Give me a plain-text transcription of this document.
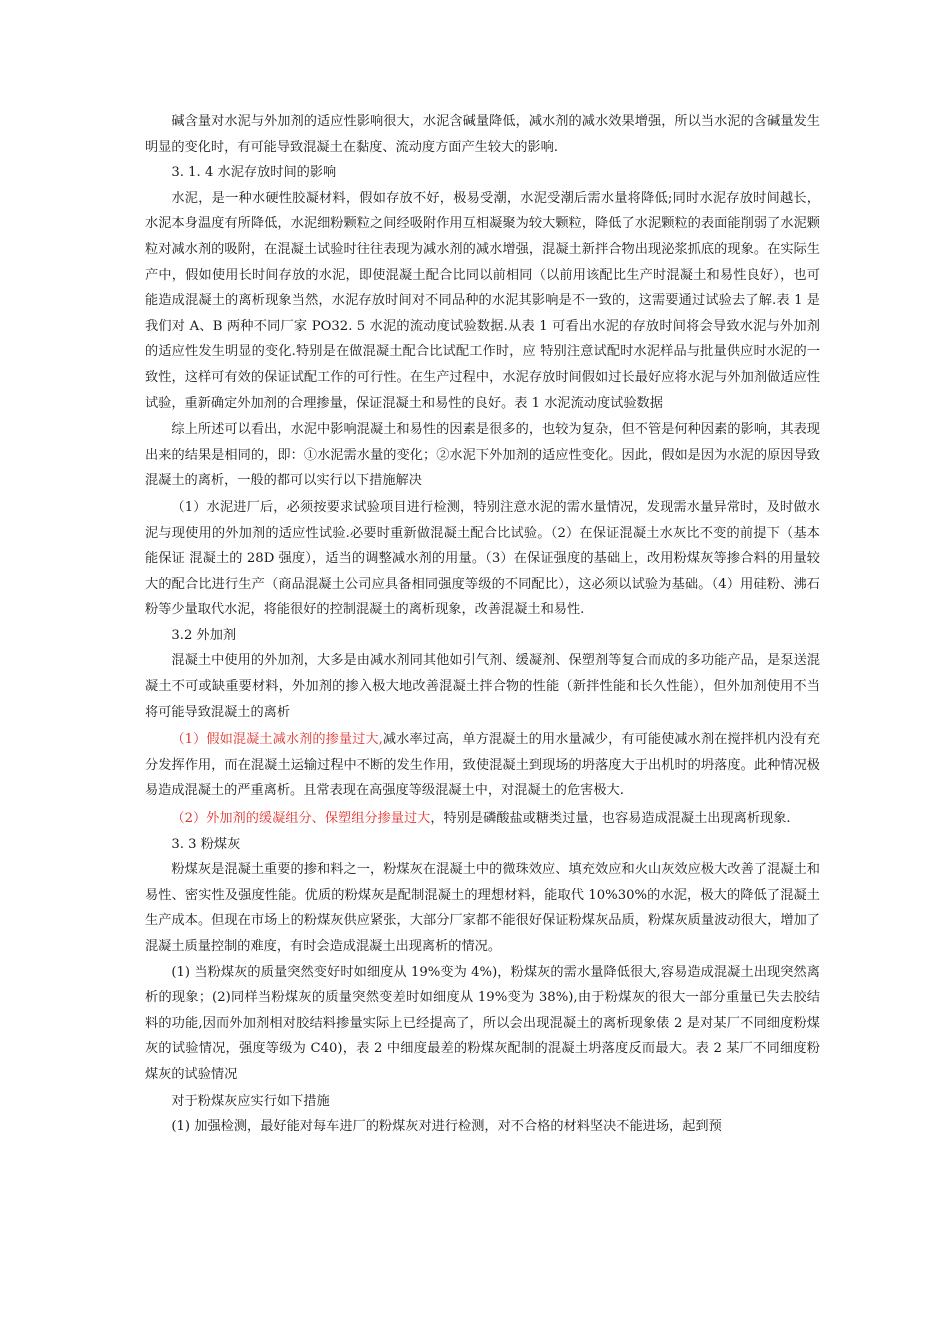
碱含量对水泥与外加剂的适应性影响很大，水泥含碱量降低，减水剂的减水效果增强，所以当水泥的含碱量发生明显的变化时，有可能导致混凝土在黏度、流动度方面产生较大的影响.

3. 1. 4 水泥存放时间的影响

水泥，是一种水硬性胶凝材料，假如存放不好，极易受潮，水泥受潮后需水量将降低;同时水泥存放时间越长，水泥本身温度有所降低，水泥细粉颗粒之间经吸附作用互相凝聚为较大颗粒，降低了水泥颗粒的表面能削弱了水泥颗粒对减水剂的吸附，在混凝土试验时往往表现为减水剂的减水增强，混凝土新拌合物出现泌浆抓底的现象。在实际生产中，假如使用长时间存放的水泥，即使混凝土配合比同以前相同（以前用该配比生产时混凝土和易性良好），也可能造成混凝土的离析现象当然，水泥存放时间对不同品种的水泥其影响是不一致的，这需要通过试验去了解.表 1 是我们对 A、B 两种不同厂家 PO32. 5 水泥的流动度试验数据.从表 1 可看出水泥的存放时间将会导致水泥与外加剂的适应性发生明显的变化.特别是在做混凝土配合比试配工作时，应 特别注意试配时水泥样品与批量供应时水泥的一致性，这样可有效的保证试配工作的可行性。在生产过程中，水泥存放时间假如过长最好应将水泥与外加剂做适应性试验，重新确定外加剂的合理掺量，保证混凝土和易性的良好。表 1 水泥流动度试验数据

综上所述可以看出，水泥中影响混凝土和易性的因素是很多的，也较为复杂，但不管是何种因素的影响，其表现出来的结果是相同的，即：①水泥需水量的变化；②水泥下外加剂的适应性变化。因此，假如是因为水泥的原因导致混凝土的离析，一般的都可以实行以下措施解决

（1）水泥进厂后，必须按要求试验项目进行检测，特别注意水泥的需水量情况，发现需水量异常时，及时做水泥与现使用的外加剂的适应性试验.必要时重新做混凝土配合比试验。（2）在保证混凝土水灰比不变的前提下（基本能保证 混凝土的 28D 强度），适当的调整减水剂的用量。（3）在保证强度的基础上，改用粉煤灰等掺合料的用量较大的配合比进行生产（商品混凝土公司应具备相同强度等级的不同配比），这必须以试验为基础。（4）用硅粉、沸石粉等少量取代水泥，将能很好的控制混凝土的离析现象，改善混凝土和易性.

3.2 外加剂

混凝土中使用的外加剂，大多是由减水剂同其他如引气剂、缓凝剂、保塑剂等复合而成的多功能产品，是泵送混凝土不可或缺重要材料，外加剂的掺入极大地改善混凝土拌合物的性能（新拌性能和长久性能），但外加剂使用不当将可能导致混凝土的离析

（1）假如混凝土减水剂的掺量过大,减水率过高，单方混凝土的用水量减少，有可能使减水剂在搅拌机内没有充分发挥作用，而在混凝土运输过程中不断的发生作用，致使混凝土到现场的坍落度大于出机时的坍落度。此种情况极易造成混凝土的严重离析。且常表现在高强度等级混凝土中，对混凝土的危害极大.

（2）外加剂的缓凝组分、保塑组分掺量过大，特别是磷酸盐或糖类过量，也容易造成混凝土出现离析现象.

3. 3 粉煤灰

粉煤灰是混凝土重要的掺和料之一，粉煤灰在混凝土中的微珠效应、填充效应和火山灰效应极大改善了混凝土和易性、密实性及强度性能。优质的粉煤灰是配制混凝土的理想材料，能取代 10%30%的水泥，极大的降低了混凝土生产成本。但现在市场上的粉煤灰供应紧张，大部分厂家都不能很好保证粉煤灰品质，粉煤灰质量波动很大，增加了混凝土质量控制的难度，有时会造成混凝土出现离析的情况。

(1) 当粉煤灰的质量突然变好时如细度从 19%变为 4%)，粉煤灰的需水量降低很大,容易造成混凝土出现突然离析的现象；(2)同样当粉煤灰的质量突然变差时如细度从 19%变为 38%),由于粉煤灰的很大一部分重量已失去胶结料的功能,因而外加剂相对胶结料掺量实际上已经提高了，所以会出现混凝土的离析现象俵 2 是对某厂不同细度粉煤灰的试验情况，强度等级为 C40)，表 2 中细度最差的粉煤灰配制的混凝土坍落度反而最大。表 2 某厂不同细度粉煤灰的试验情况

对于粉煤灰应实行如下措施

(1) 加强检测，最好能对每车进厂的粉煤灰对进行检测，对不合格的材料坚决不能进场，起到预
